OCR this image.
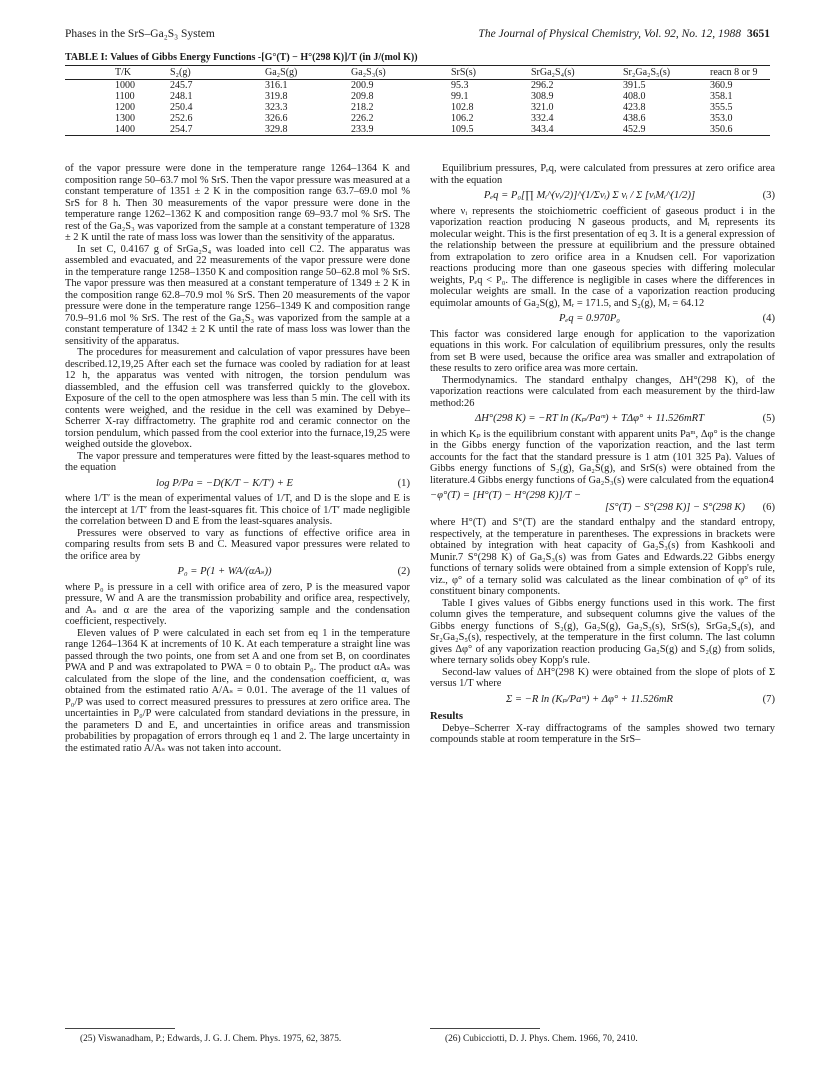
Phases in the SrS–Ga₂S₃ System	The Journal of Physical Chemistry, Vol. 92, No. 12, 1988 3651
TABLE I: Values of Gibbs Energy Functions -[G°(T) − H°(298 K)]/T (in J/(mol K))
T/K	S₂(g)	Ga₂S(g)	Ga₂S₃(s)	SrS(s)	SrGa₂S₄(s)	Sr₂Ga₂S₅(s)	reacn 8 or 9
1000	245.7	316.1	200.9	95.3	296.2	391.5	360.9
1100	248.1	319.8	209.8	99.1	308.9	408.0	358.1
1200	250.4	323.3	218.2	102.8	321.0	423.8	355.5
1300	252.6	326.6	226.2	106.2	332.4	438.6	353.0
1400	254.7	329.8	233.9	109.5	343.4	452.9	350.6

of the vapor pressure were done in the temperature range 1264–1364 K and composition range 50–63.7 mol % SrS. Then the vapor pressure was measured at a constant temperature of 1351 ± 2 K in the composition range 63.7–69.0 mol % SrS for 8 h. Then 30 measurements of the vapor pressure were done in the temperature range 1262–1362 K and composition range 69–93.7 mol % SrS. The rest of the Ga₂S₃ was vaporized from the sample at a constant temperature of 1328 ± 2 K until the rate of mass loss was lower than the sensitivity of the apparatus.

In set C, 0.4167 g of SrGa₂S₄ was loaded into cell C2. The apparatus was assembled and evacuated, and 22 measurements of the vapor pressure were done in the temperature range 1258–1350 K and composition range 50–62.8 mol % SrS. The vapor pressure was then measured at a constant temperature of 1349 ± 2 K in the composition range 62.8–70.9 mol % SrS. Then 20 measurements of the vapor pressure were done in the temperature range 1256–1349 K and composition range 70.9–91.6 mol % SrS. The rest of the Ga₂S₃ was vaporized from the sample at a constant temperature of 1342 ± 2 K until the rate of mass loss was lower than the sensitivity of the apparatus.

The procedures for measurement and calculation of vapor pressures have been described.12,19,25 After each set the furnace was cooled by radiation for at least 12 h, the apparatus was vented with nitrogen, the torsion pendulum was diassembled, and the effusion cell was transferred quickly to the glovebox. Exposure of the cell to the open atmosphere was less than 5 min. The cell with its contents were weighed, and the residue in the cell was examined by Debye–Scherrer X-ray diffractometry. The graphite rod and ceramic connector on the torsion pendulum, which passed from the cool exterior into the furnace,19,25 were weighed outside the glovebox.

The vapor pressure and temperatures were fitted by the least-squares method to the equation

log P/Pa = −D(K/T − K/T′) + E	(1)

where 1/T′ is the mean of experimental values of 1/T, and D is the slope and E is the intercept at 1/T′ from the least-squares fit. This choice of 1/T′ made negligible the correlation between D and E from the least-squares analysis.

Pressures were observed to vary as functions of effective orifice area in comparing results from sets B and C. Measured vapor pressures were related to the orifice area by

P₀ = P(1 + WA/(αAₛ))	(2)

where P₀ is pressure in a cell with orifice area of zero, P is the measured vapor pressure, W and A are the transmission probability and orifice area, respectively, and Aₛ and α are the area of the vaporizing sample and the condensation coefficient, respectively.

Eleven values of P were calculated in each set from eq 1 in the temperature range 1264–1364 K at increments of 10 K. At each temperature a straight line was passed through the two points, one from set A and one from set B, on coordinates PWA and P and was extrapolated to PWA = 0 to obtain P₀. The product αAₛ was calculated from the slope of the line, and the condensation coefficient, α, was obtained from the estimated ratio A/Aₛ = 0.01. The average of the 11 values of P₀/P was used to correct measured pressures to pressures at zero orifice area. The uncertainties in P₀/P were calculated from standard deviations in the pressure, in the parameters D and E, and uncertainties in orifice areas and transmission probabilities by propagation of errors through eq 1 and 2. The large uncertainty in the estimated ratio A/Aₛ was not taken into account.

Equilibrium pressures, Pₑq, were calculated from pressures at zero orifice area with the equation

Pₑq = P₀[∏ Mᵢ^(νᵢ/2)]^(1/Σνᵢ) Σ νᵢ / Σ [νᵢMᵢ^(1/2)]	(3)

where νᵢ represents the stoichiometric coefficient of gaseous product i in the vaporization reaction producing N gaseous products, and Mᵢ represents its molecular weight. This is the first presentation of eq 3. It is a general expression of the relationship between the pressure at equilibrium and the pressure obtained from extrapolation to zero orifice area in a Knudsen cell. For vaporization reactions producing more than one gaseous species with differing molecular weights, Pₑq < P₀. The difference is negligible in cases where the differences in molecular weights are small. In the case of a vaporization reaction producing equimolar amounts of Ga₂S(g), Mᵣ = 171.5, and S₂(g), Mᵣ = 64.12

Pₑq = 0.970P₀	(4)

This factor was considered large enough for application to the vaporization equations in this work. For calculation of equilibrium pressures, only the results from set B were used, because the orifice area was smaller and extrapolation of these results to zero orifice area was more certain.

Thermodynamics. The standard enthalpy changes, ΔH°(298 K), of the vaporization reactions were calculated from each measurement by the third-law method:26

ΔH°(298 K) = −RT ln (Kₚ/Paᵐ) + TΔφ° + 11.526mRT	(5)

in which Kₚ is the equilibrium constant with apparent units Paᵐ, Δφ° is the change in the Gibbs energy function of the vaporization reaction, and the last term accounts for the fact that the standard pressure is 1 atm (101 325 Pa). Values of Gibbs energy functions of S₂(g), Ga₂S(g), and SrS(s) were obtained from the literature.4 Gibbs energy functions of Ga₂S₃(s) were calculated from the equation4

−φ°(T) = [H°(T) − H°(298 K)]/T −
[S°(T) − S°(298 K)] − S°(298 K)	(6)

where H°(T) and S°(T) are the standard enthalpy and the standard entropy, respectively, at the temperature in parentheses. The expressions in brackets were obtained by integration with heat capacity of Ga₂S₃(s) from Kashkooli and Munir.7 S°(298 K) of Ga₂S₃(s) was from Gates and Edwards.22 Gibbs energy functions of ternary solids were obtained from a simple extension of Kopp's rule, viz., φ° of a ternary solid was calculated as the linear combination of φ° of its constituent binary components.

Table I gives values of Gibbs energy functions used in this work. The first column gives the temperature, and subsequent columns give the values of the Gibbs energy functions of S₂(g), Ga₂S(g), Ga₂S₃(s), SrS(s), SrGa₂S₄(s), and Sr₂Ga₂S₅(s), respectively, at the temperature in the first column. The last column gives Δφ° of any vaporization reaction producing Ga₂S(g) and S₂(g) from solids, where ternary solids obey Kopp's rule.

Second-law values of ΔH°(298 K) were obtained from the slope of plots of Σ versus 1/T where

Σ = −R ln (Kₚ/Paᵐ) + Δφ° + 11.526mR	(7)
Results

Debye–Scherrer X-ray diffractograms of the samples showed two ternary compounds stable at room temperature in the SrS–

(25) Viswanadham, P.; Edwards, J. G. J. Chem. Phys. 1975, 62, 3875.	(26) Cubicciotti, D. J. Phys. Chem. 1966, 70, 2410.
